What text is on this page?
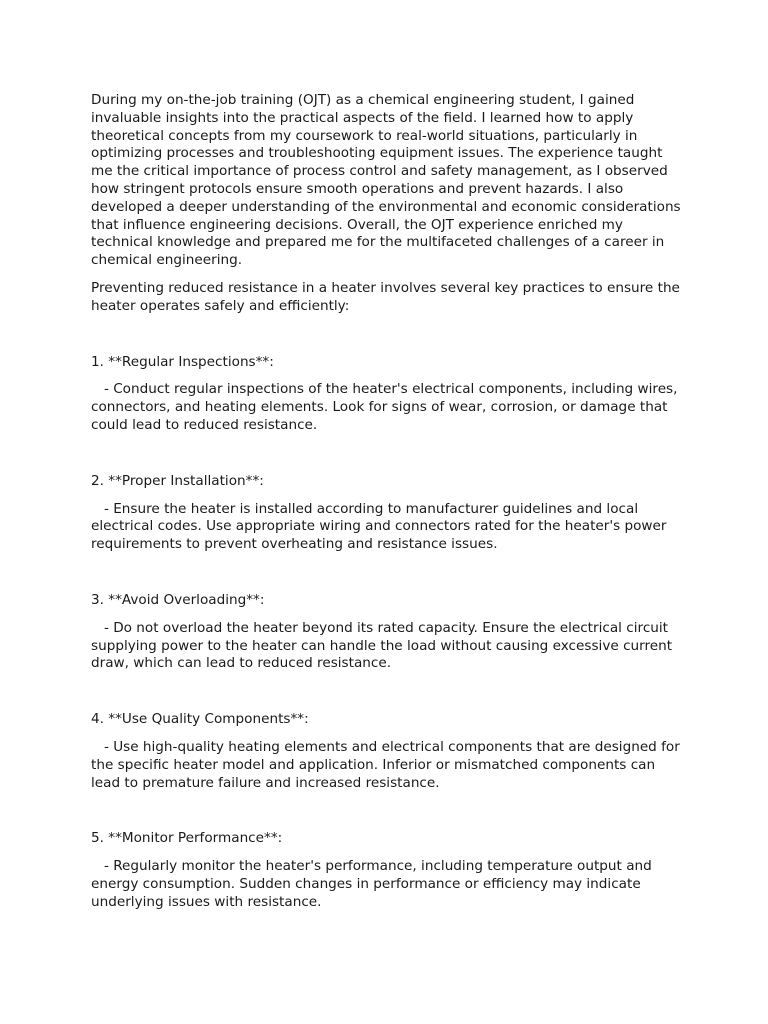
During my on-the-job training (OJT) as a chemical engineering student, I gained invaluable insights into the practical aspects of the field. I learned how to apply theoretical concepts from my coursework to real-world situations, particularly in optimizing processes and troubleshooting equipment issues. The experience taught me the critical importance of process control and safety management, as I observed how stringent protocols ensure smooth operations and prevent hazards. I also developed a deeper understanding of the environmental and economic considerations that influence engineering decisions. Overall, the OJT experience enriched my technical knowledge and prepared me for the multifaceted challenges of a career in chemical engineering.

Preventing reduced resistance in a heater involves several key practices to ensure the heater operates safely and efficiently:

1. **Regular Inspections**:

- Conduct regular inspections of the heater's electrical components, including wires, connectors, and heating elements. Look for signs of wear, corrosion, or damage that could lead to reduced resistance.

2. **Proper Installation**:

- Ensure the heater is installed according to manufacturer guidelines and local electrical codes. Use appropriate wiring and connectors rated for the heater's power requirements to prevent overheating and resistance issues.

3. **Avoid Overloading**:

- Do not overload the heater beyond its rated capacity. Ensure the electrical circuit supplying power to the heater can handle the load without causing excessive current draw, which can lead to reduced resistance.

4. **Use Quality Components**:

- Use high-quality heating elements and electrical components that are designed for the specific heater model and application. Inferior or mismatched components can lead to premature failure and increased resistance.

5. **Monitor Performance**:

- Regularly monitor the heater's performance, including temperature output and energy consumption. Sudden changes in performance or efficiency may indicate underlying issues with resistance.
